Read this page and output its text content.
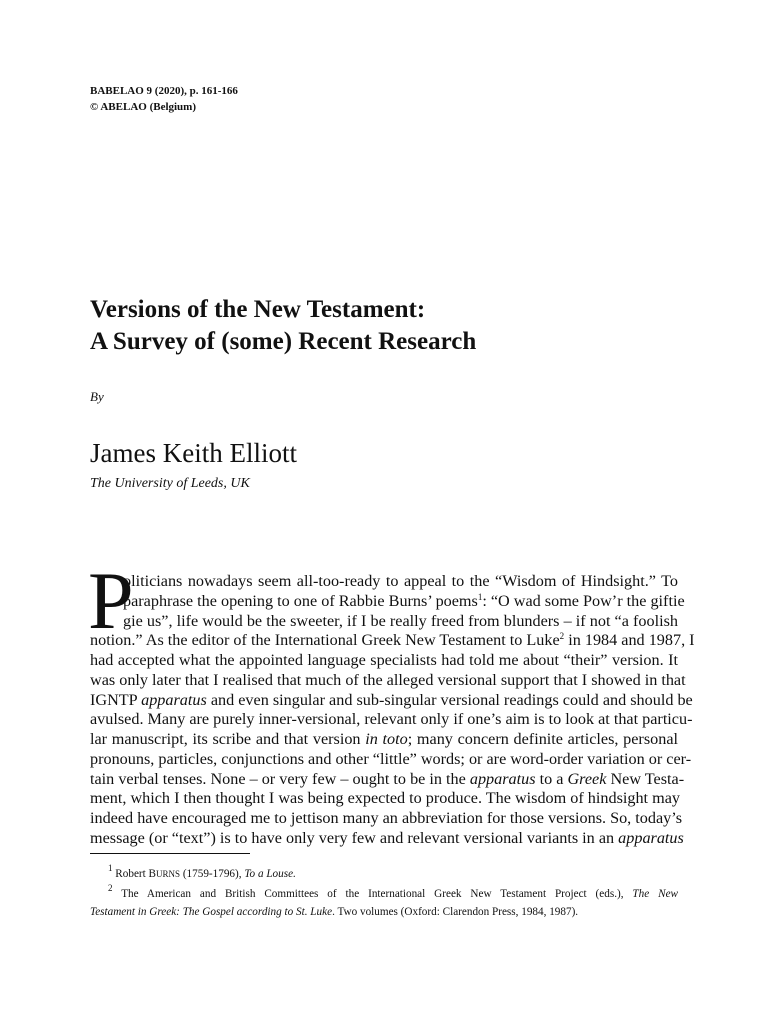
BABELAO 9 (2020), p. 161-166
© ABELAO (Belgium)
Versions of the New Testament:
A Survey of (some) Recent Research
By
James Keith Elliott
The University of Leeds, UK
P
oliticians nowadays seem all-too-ready to appeal to the “Wisdom of Hindsight.” To
paraphrase the opening to one of Rabbie Burns’ poems$^1$: “O wad some Pow’r the giftie
gie us”, life would be the sweeter, if I be really freed from blunders – if not “a foolish
notion.” As the editor of the International Greek New Testament to Luke$^2$ in 1984 and 1987, I
had accepted what the appointed language specialists had told me about “their” version. It
was only later that I realised that much of the alleged versional support that I showed in that
IGNTP apparatus and even singular and sub-singular versional readings could and should be
avulsed. Many are purely inner-versional, relevant only if one’s aim is to look at that particu-
lar manuscript, its scribe and that version in toto; many concern definite articles, personal
pronouns, particles, conjunctions and other “little” words; or are word-order variation or cer-
tain verbal tenses. None – or very few – ought to be in the apparatus to a Greek New Testa-
ment, which I then thought I was being expected to produce. The wisdom of hindsight may
indeed have encouraged me to jettison many an abbreviation for those versions. So, today’s
message (or “text”) is to have only very few and relevant versional variants in an apparatus
$^1$ Robert BURNS (1759-1796), To a Louse.
$^2$ The American and British Committees of the International Greek New Testament Project (eds.), The New
Testament in Greek: The Gospel according to St. Luke. Two volumes (Oxford: Clarendon Press, 1984, 1987).
